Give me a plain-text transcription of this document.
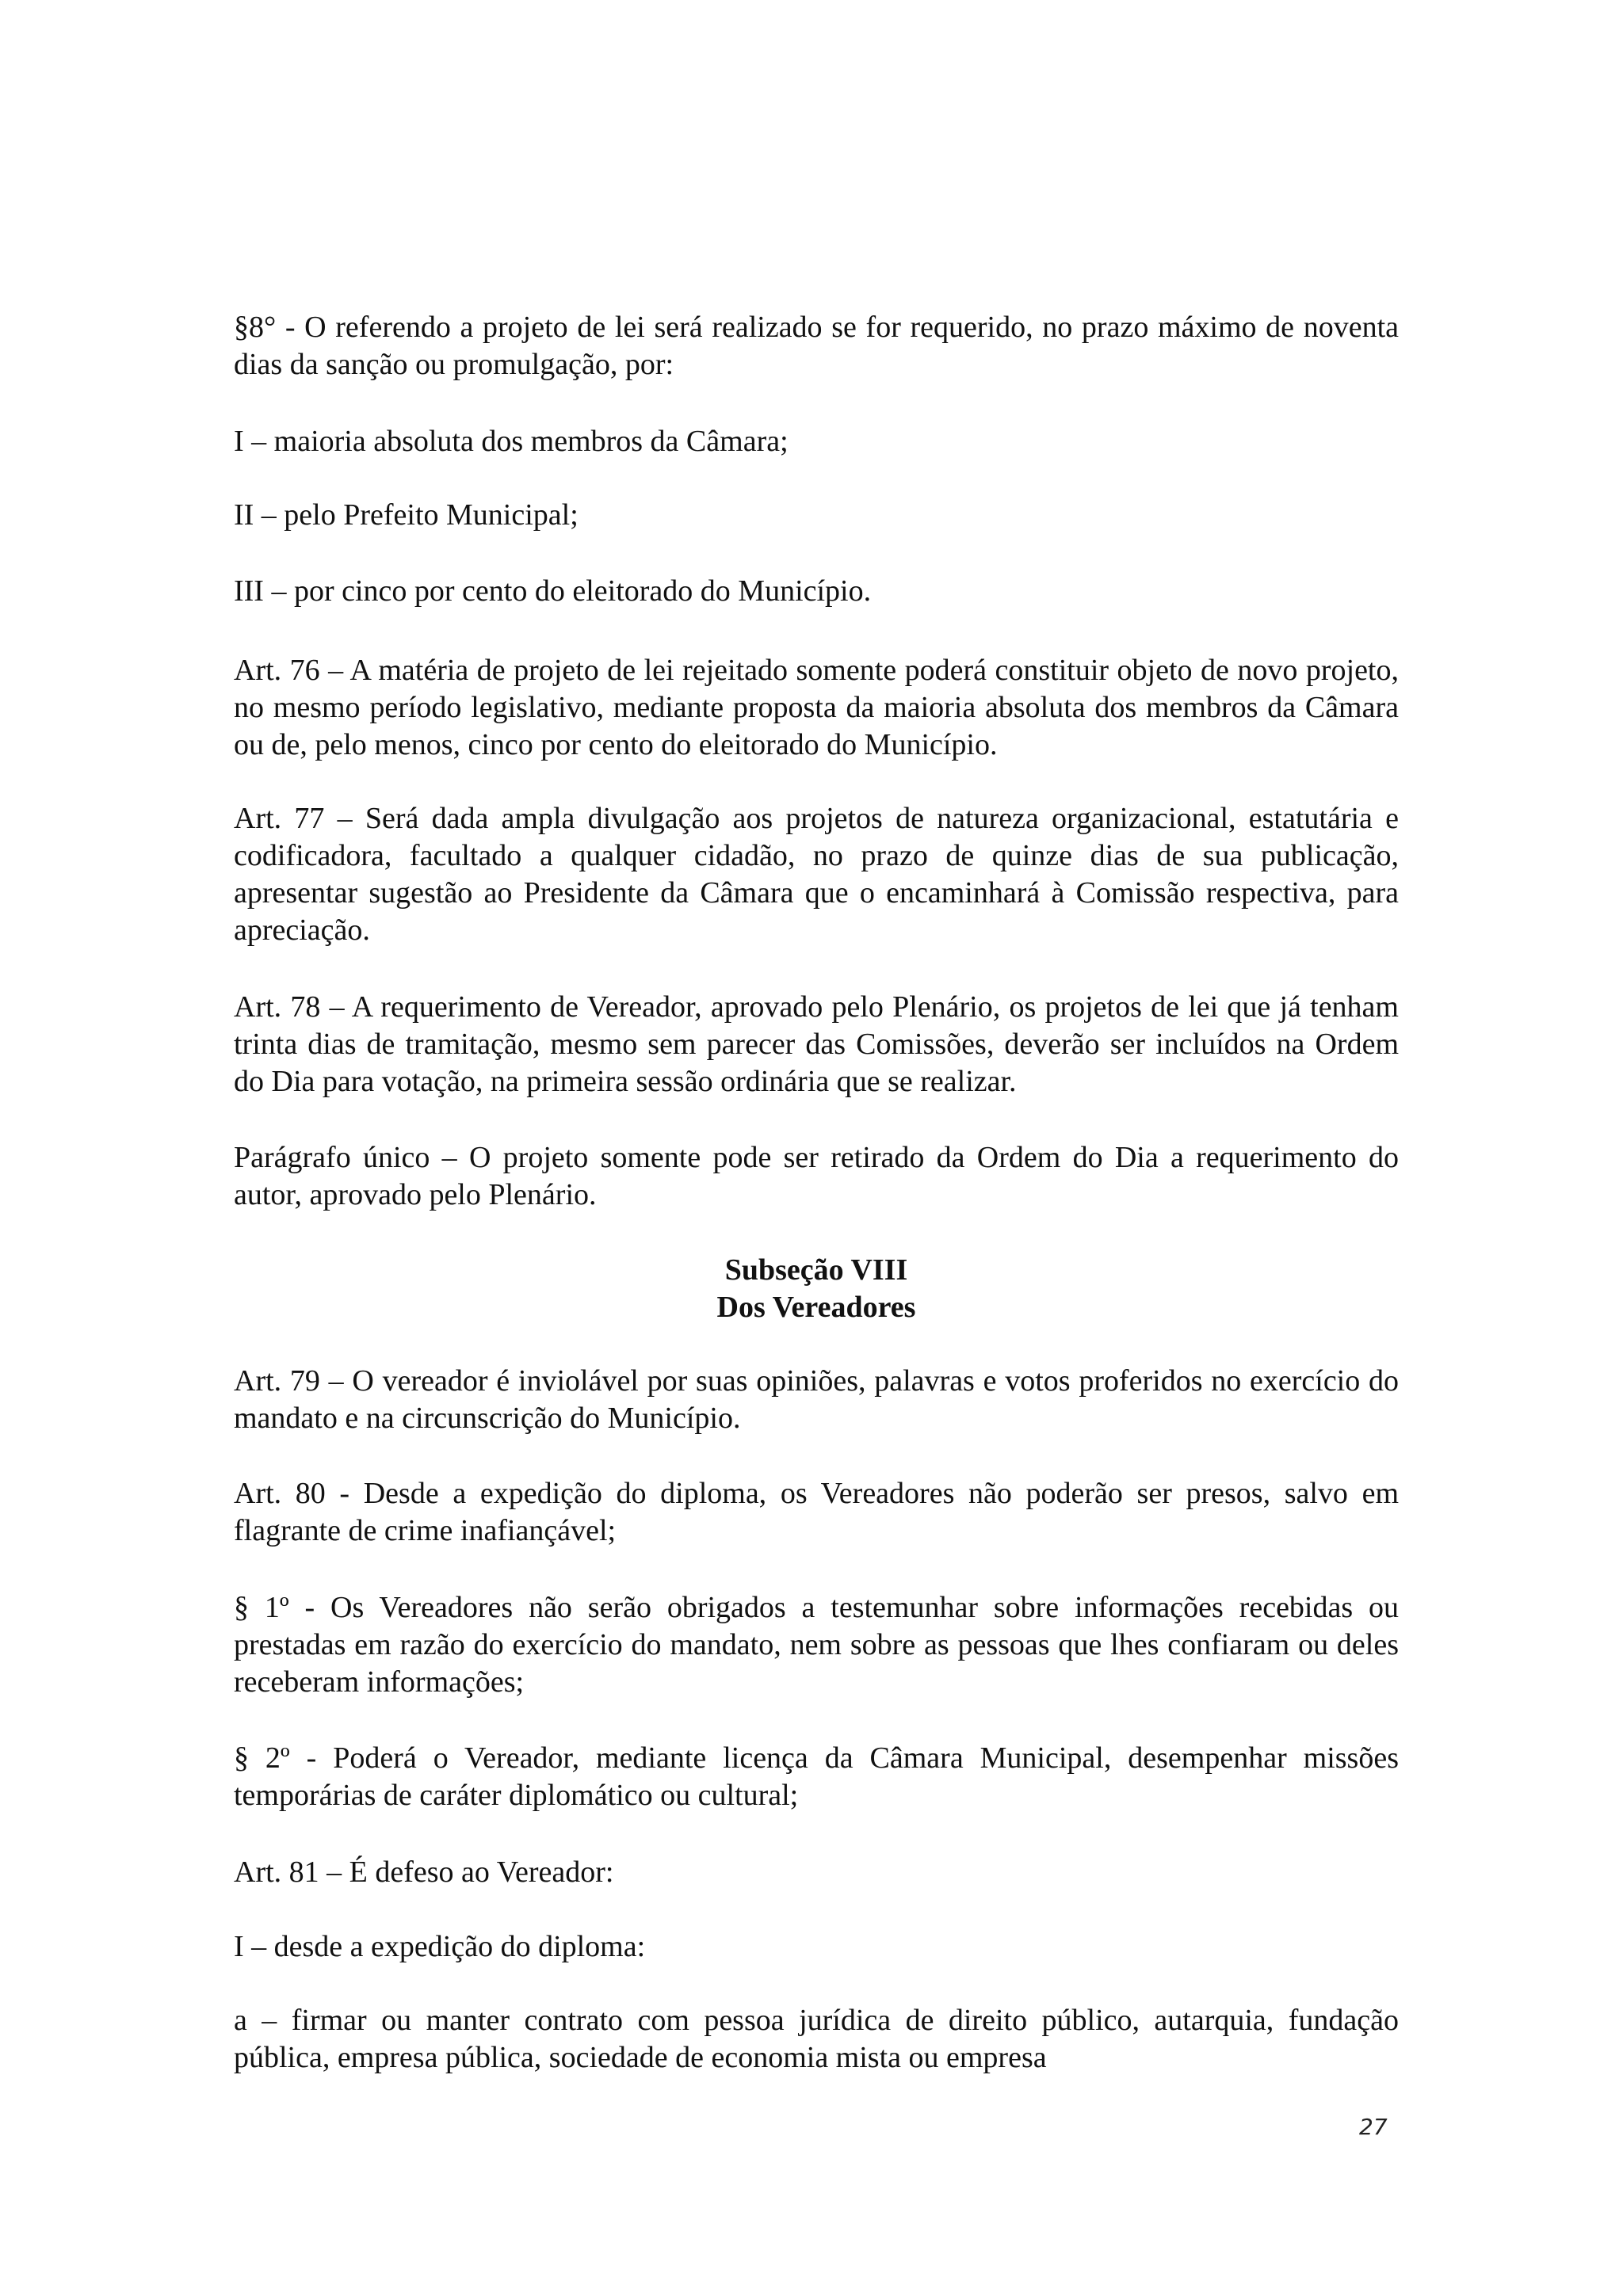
§8° - O referendo a projeto de lei será realizado se for requerido, no prazo máximo de noventa dias da sanção ou promulgação, por:

I – maioria absoluta dos membros da Câmara;

II – pelo Prefeito Municipal;

III – por cinco por cento do eleitorado do Município.

Art. 76 – A matéria de projeto de lei rejeitado somente poderá constituir objeto de novo projeto, no mesmo período legislativo, mediante proposta da maioria absoluta dos membros da Câmara ou de, pelo menos, cinco por cento do eleitorado do Município.

Art. 77 – Será dada ampla divulgação aos projetos de natureza organizacional, estatutária e codificadora, facultado a qualquer cidadão, no prazo de quinze dias de sua publicação, apresentar sugestão ao Presidente da Câmara que o encaminhará à Comissão respectiva, para apreciação.

Art. 78 – A requerimento de Vereador, aprovado pelo Plenário, os projetos de lei que já tenham trinta dias de tramitação, mesmo sem parecer das Comissões, deverão ser incluídos na Ordem do Dia para votação, na primeira sessão ordinária que se realizar.

Parágrafo único – O projeto somente pode ser retirado da Ordem do Dia a requerimento do autor, aprovado pelo Plenário.

Subseção VIII

Dos Vereadores

Art. 79 – O vereador é inviolável por suas opiniões, palavras e votos proferidos no exercício do mandato e na circunscrição do Município.

Art. 80 - Desde a expedição do diploma, os Vereadores não poderão ser presos, salvo em flagrante de crime inafiançável;

§ 1º - Os Vereadores não serão obrigados a testemunhar sobre informações recebidas ou prestadas em razão do exercício do mandato, nem sobre as pessoas que lhes confiaram ou deles receberam informações;

§ 2º - Poderá o Vereador, mediante licença da Câmara Municipal, desempenhar missões temporárias de caráter diplomático ou cultural;

Art. 81 – É defeso ao Vereador:

I – desde a expedição do diploma:

a – firmar ou manter contrato com pessoa jurídica de direito público, autarquia, fundação pública, empresa pública, sociedade de economia mista ou empresa

27
